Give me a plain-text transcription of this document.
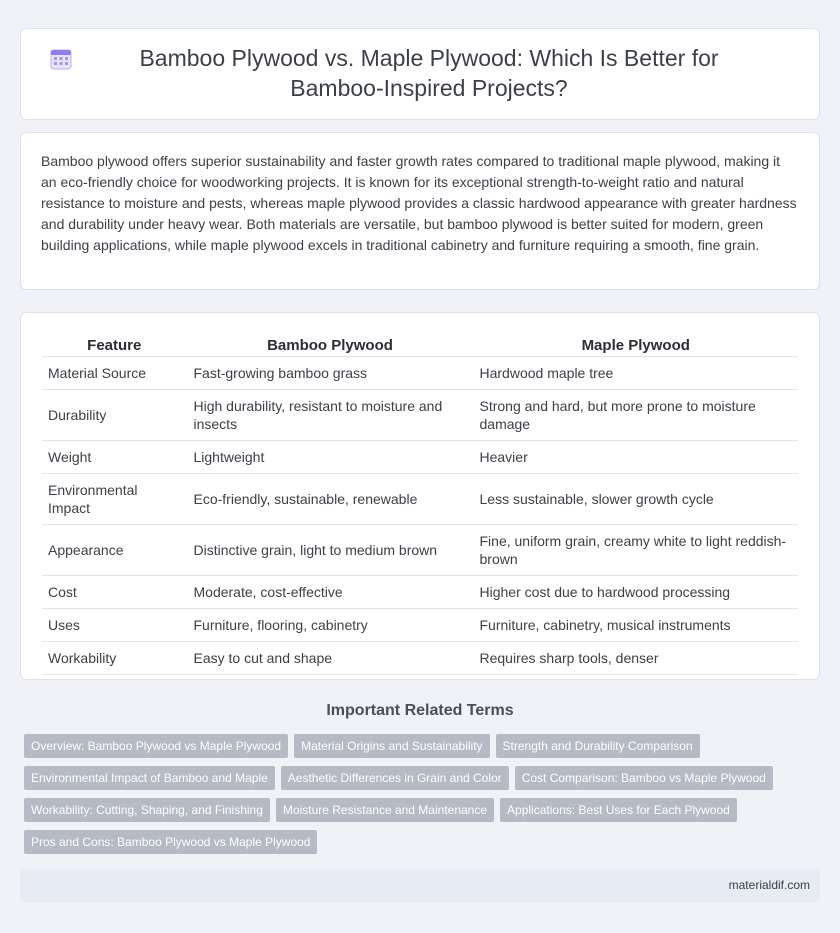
Bamboo Plywood vs. Maple Plywood: Which Is Better for Bamboo-Inspired Projects?

Bamboo plywood offers superior sustainability and faster growth rates compared to traditional maple plywood, making it an eco-friendly choice for woodworking projects. It is known for its exceptional strength-to-weight ratio and natural resistance to moisture and pests, whereas maple plywood provides a classic hardwood appearance with greater hardness and durability under heavy wear. Both materials are versatile, but bamboo plywood is better suited for modern, green building applications, while maple plywood excels in traditional cabinetry and furniture requiring a smooth, fine grain.

Feature	Bamboo Plywood	Maple Plywood
Material Source	Fast-growing bamboo grass	Hardwood maple tree
Durability	High durability, resistant to moisture and insects	Strong and hard, but more prone to moisture damage
Weight	Lightweight	Heavier
Environmental Impact	Eco-friendly, sustainable, renewable	Less sustainable, slower growth cycle
Appearance	Distinctive grain, light to medium brown	Fine, uniform grain, creamy white to light reddish-brown
Cost	Moderate, cost-effective	Higher cost due to hardwood processing
Uses	Furniture, flooring, cabinetry	Furniture, cabinetry, musical instruments
Workability	Easy to cut and shape	Requires sharp tools, denser
Important Related Terms
Overview: Bamboo Plywood vs Maple Plywood Material Origins and Sustainability Strength and Durability Comparison
Environmental Impact of Bamboo and Maple Aesthetic Differences in Grain and Color Cost Comparison: Bamboo vs Maple Plywood
Workability: Cutting, Shaping, and Finishing Moisture Resistance and Maintenance Applications: Best Uses for Each Plywood
Pros and Cons: Bamboo Plywood vs Maple Plywood
materialdif.com
